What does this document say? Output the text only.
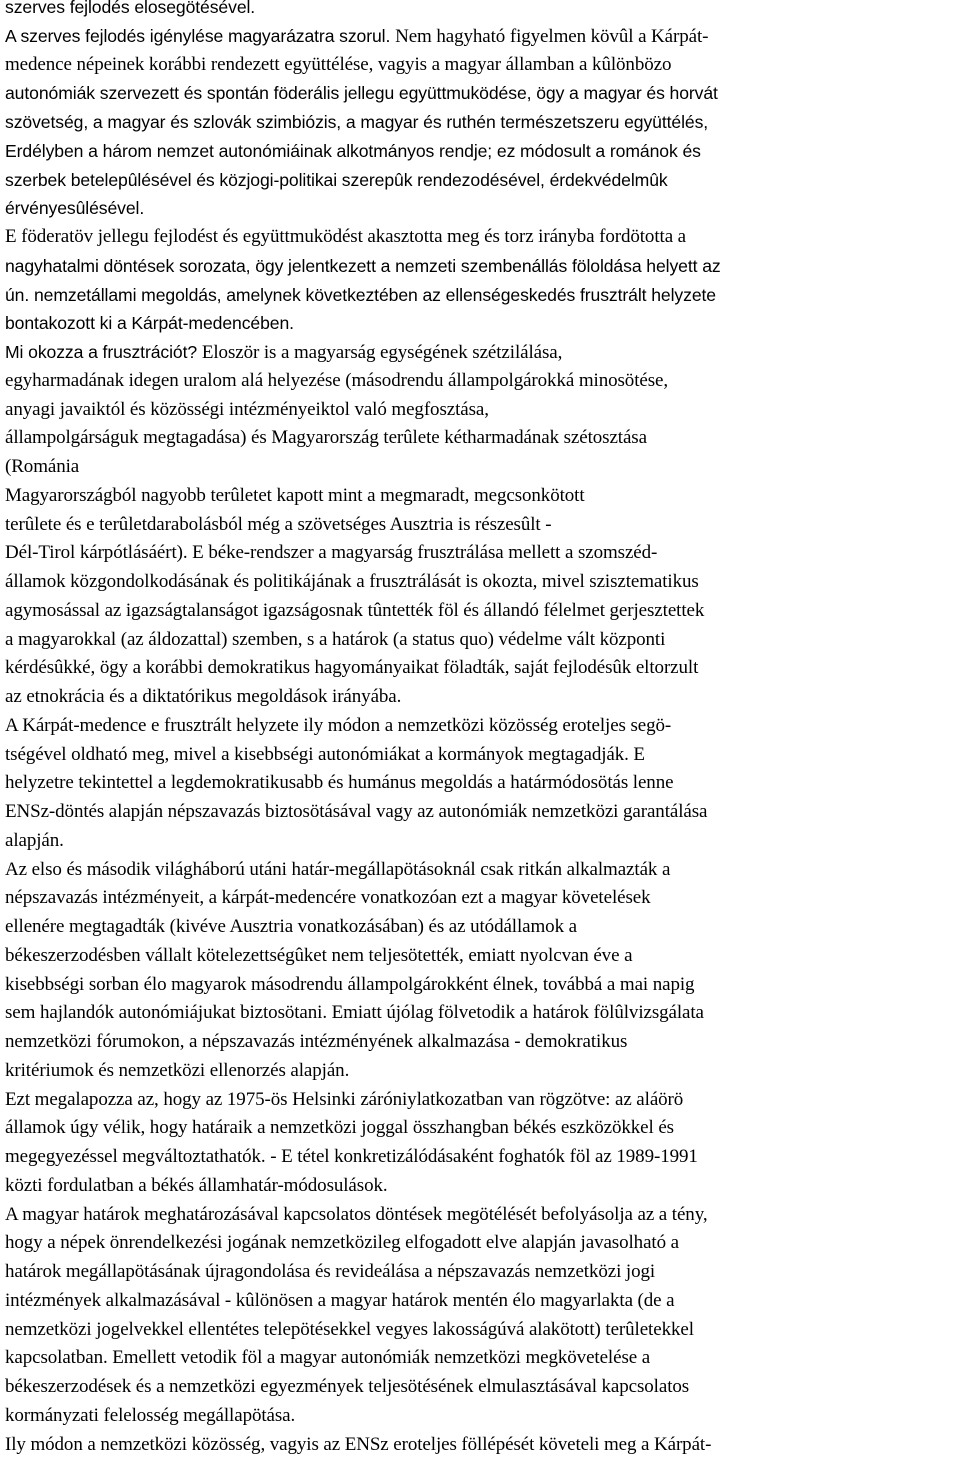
szerves fejlodés elosegötésével.
A szerves fejlodés igénylése magyarázatra szorul. Nem hagyható figyelmen kövûl a Kárpát-
medence népeinek korábbi rendezett együttélése, vagyis a magyar államban a kûlönbözo
autonómiák szervezett és spontán föderális jellegu együttmuködése, ögy a magyar és horvát
szövetség, a magyar és szlovák szimbiózis, a magyar és ruthén természetszeru együttélés,
Erdélyben a három nemzet autonómiáinak alkotmányos rendje; ez módosult a románok és
szerbek betelepûlésével és közjogi-politikai szerepûk rendezodésével, érdekvédelmûk
érvényesûlésével.
E föderatöv jellegu fejlodést és együttmuködést akasztotta meg és torz irányba fordötotta a
nagyhatalmi döntések sorozata, ögy jelentkezett a nemzeti szembenállás föloldása helyett az
ún. nemzetállami megoldás, amelynek következtében az ellenségeskedés frusztrált helyzete
bontakozott ki a Kárpát-medencében.
Mi okozza a frusztrációt? Eloször is a magyarság egységének szétzilálása,
egyharmadának idegen uralom alá helyezése (másodrendu állampolgárokká minosötése,
anyagi javaiktól és közösségi intézményeiktol való megfosztása,
állampolgárságuk megtagadása) és Magyarország terûlete kétharmadának szétosztása
(Románia
Magyarországból nagyobb terûletet kapott mint a megmaradt, megcsonkötott
terûlete és e terûletdarabolásból még a szövetséges Ausztria is részesûlt -
Dél-Tirol kárpótlásáért). E béke-rendszer a magyarság frusztrálása mellett a szomszéd-
államok közgondolkodásának és politikájának a frusztrálását is okozta, mivel szisztematikus
agymosással az igazságtalanságot igazságosnak tûntették föl és állandó félelmet gerjesztettek
a magyarokkal (az áldozattal) szemben, s a határok (a status quo) védelme vált központi
kérdésûkké, ögy a korábbi demokratikus hagyományaikat föladták, saját fejlodésûk eltorzult
az etnokrácia és a diktatórikus megoldások irányába.
A Kárpát-medence e frusztrált helyzete ily módon a nemzetközi közösség eroteljes segö-
tségével oldható meg, mivel a kisebbségi autonómiákat a kormányok megtagadják. E
helyzetre tekintettel a legdemokratikusabb és humánus megoldás a határmódosötás lenne
ENSz-döntés alapján népszavazás biztosötásával vagy az autonómiák nemzetközi garantálása
alapján.
Az elso és második világháború utáni határ-megállapötásoknál csak ritkán alkalmazták a
népszavazás intézményeit, a kárpát-medencére vonatkozóan ezt a magyar követelések
ellenére megtagadták (kivéve Ausztria vonatkozásában) és az utódállamok a
békeszerzodésben vállalt kötelezettségûket nem teljesötették, emiatt nyolcvan éve a
kisebbségi sorban élo magyarok másodrendu állampolgárokként élnek, továbbá a mai napig
sem hajlandók autonómiájukat biztosötani. Emiatt újólag fölvetodik a határok fölûlvizsgálata
nemzetközi fórumokon, a népszavazás intézményének alkalmazása - demokratikus
kritériumok és nemzetközi ellenorzés alapján.
Ezt megalapozza az, hogy az 1975-ös Helsinki záróniylatkozatban van rögzötve: az aláörö
államok úgy vélik, hogy határaik a nemzetközi joggal összhangban békés eszközökkel és
megegyezéssel megváltoztathatók. - E tétel konkretizálódásaként foghatók föl az 1989-1991
közti fordulatban a békés államhatár-módosulások.
A magyar határok meghatározásával kapcsolatos döntések megötélését befolyásolja az a tény,
hogy a népek önrendelkezési jogának nemzetközileg elfogadott elve alapján javasolható a
határok megállapötásának újragondolása és revideálása a népszavazás nemzetközi jogi
intézmények alkalmazásával - kûlönösen a magyar határok mentén élo magyarlakta (de a
nemzetközi jogelvekkel ellentétes telepötésekkel vegyes lakosságúvá alakötott) terûletekkel
kapcsolatban. Emellett vetodik föl a magyar autonómiák nemzetközi megkövetelése a
békeszerzodések és a nemzetközi egyezmények teljesötésének elmulasztásával kapcsolatos
kormányzati felelosség megállapötása.
Ily módon a nemzetközi közösség, vagyis az ENSz eroteljes föllépését követeli meg a Kárpát-
